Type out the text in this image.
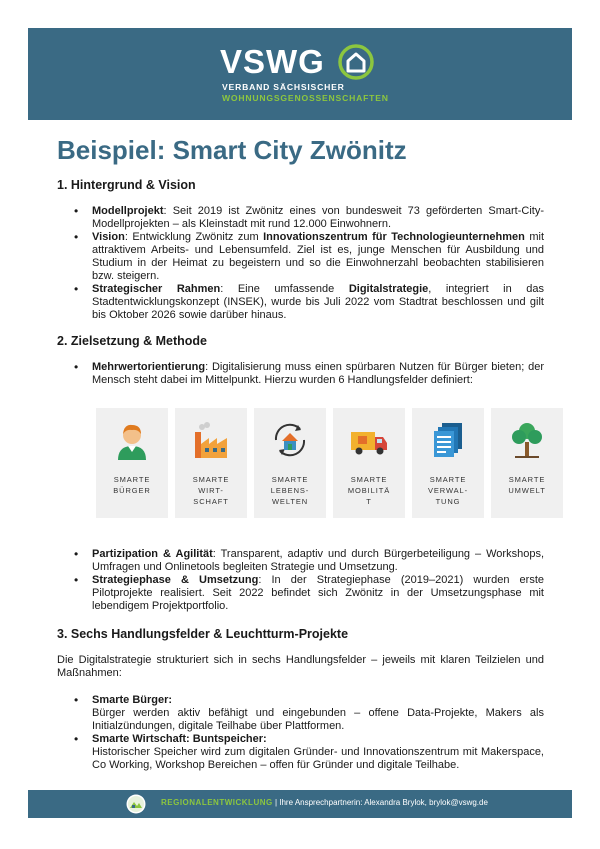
VSWG
VERBAND SÄCHSISCHER
WOHNUNGSGENOSSENSCHAFTEN
Beispiel: Smart City Zwönitz
1. Hintergrund & Vision
• Modellprojekt: Seit 2019 ist Zwönitz eines von bundesweit 73 geförderten Smart-City-Modellprojekten – als Kleinstadt mit rund 12.000 Einwohnern.
• Vision: Entwicklung Zwönitz zum Innovationszentrum für Technologieunternehmen mit attraktivem Arbeits- und Lebensumfeld. Ziel ist es, junge Menschen für Ausbildung und Studium in der Heimat zu begeistern und so die Einwohnerzahl beobachten stabilisieren bzw. steigern.
• Strategischer Rahmen: Eine umfassende Digitalstrategie, integriert in das Stadtentwicklungskonzept (INSEK), wurde bis Juli 2022 vom Stadtrat beschlossen und gilt bis Oktober 2026 sowie darüber hinaus.
2. Zielsetzung & Methode
• Mehrwertorientierung: Digitalisierung muss einen spürbaren Nutzen für Bürger bieten; der Mensch steht dabei im Mittelpunkt. Hierzu wurden 6 Handlungsfelder definiert:
SMARTE
BÜRGER
SMARTE
WIRT-
SCHAFT
SMARTE
LEBENS-
WELTEN
SMARTE
MOBILITÄ
T
SMARTE
VERWAL-
TUNG
SMARTE
UMWELT
• Partizipation & Agilität: Transparent, adaptiv und durch Bürgerbeteiligung – Workshops, Umfragen und Onlinetools begleiten Strategie und Umsetzung.
• Strategiephase & Umsetzung: In der Strategiephase (2019–2021) wurden erste Pilotprojekte realisiert. Seit 2022 befindet sich Zwönitz in der Umsetzungsphase mit lebendigem Projektportfolio.
3. Sechs Handlungsfelder & Leuchtturm-Projekte

Die Digitalstrategie strukturiert sich in sechs Handlungsfelder – jeweils mit klaren Teilzielen und Maßnahmen:

• Smarte Bürger:
Bürger werden aktiv befähigt und eingebunden – offene Data-Projekte, Makers als Initialzündungen, digitale Teilhabe über Plattformen.
• Smarte Wirtschaft: Buntspeicher:
Historischer Speicher wird zum digitalen Gründer- und Innovationszentrum mit Makerspace, Co Working, Workshop Bereichen – offen für Gründer und digitale Teilhabe.
REGIONALENTWICKLUNG | Ihre Ansprechpartnerin: Alexandra Brylok, brylok@vswg.de
